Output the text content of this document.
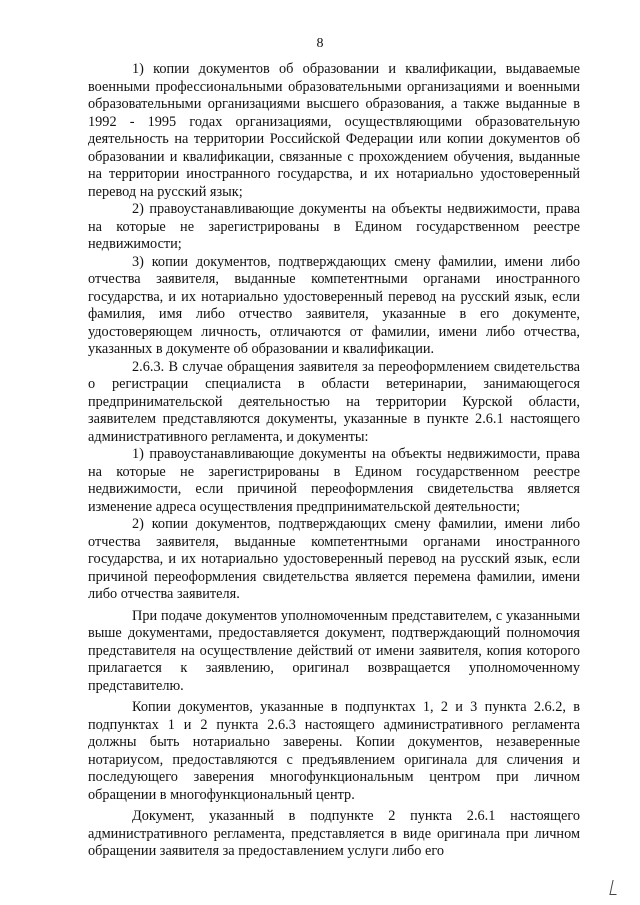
8

1) копии документов об образовании и квалификации, выдаваемые военными профессиональными образовательными организациями и военными образовательными организациями высшего образования, а также выданные в 1992 - 1995 годах организациями, осуществляющими образовательную деятельность на территории Российской Федерации или копии документов об образовании и квалификации, связанные с прохождением обучения, выданные на территории иностранного государства, и их нотариально удостоверенный перевод на русский язык;

2) правоустанавливающие документы на объекты недвижимости, права на которые не зарегистрированы в Едином государственном реестре недвижимости;

3) копии документов, подтверждающих смену фамилии, имени либо отчества заявителя, выданные компетентными органами иностранного государства, и их нотариально удостоверенный перевод на русский язык, если фамилия, имя либо отчество заявителя, указанные в его документе, удостоверяющем личность, отличаются от фамилии, имени либо отчества, указанных в документе об образовании и квалификации.

2.6.3. В случае обращения заявителя за переоформлением свидетельства о регистрации специалиста в области ветеринарии, занимающегося предпринимательской деятельностью на территории Курской области, заявителем представляются документы, указанные в пункте 2.6.1 настоящего административного регламента, и документы:

1) правоустанавливающие документы на объекты недвижимости, права на которые не зарегистрированы в Едином государственном реестре недвижимости, если причиной переоформления свидетельства является изменение адреса осуществления предпринимательской деятельности;

2) копии документов, подтверждающих смену фамилии, имени либо отчества заявителя, выданные компетентными органами иностранного государства, и их нотариально удостоверенный перевод на русский язык, если причиной переоформления свидетельства является перемена фамилии, имени либо отчества заявителя.

При подаче документов уполномоченным представителем, с указанными выше документами, предоставляется документ, подтверждающий полномочия представителя на осуществление действий от имени заявителя, копия которого прилагается к заявлению, оригинал возвращается уполномоченному представителю.

Копии документов, указанные в подпунктах 1, 2 и 3 пункта 2.6.2, в подпунктах 1 и 2 пункта 2.6.3 настоящего административного регламента должны быть нотариально заверены. Копии документов, незаверенные нотариусом, предоставляются с предъявлением оригинала для сличения и последующего заверения многофункциональным центром при личном обращении в многофункциональный центр.

Документ, указанный в подпункте 2 пункта 2.6.1 настоящего административного регламента, представляется в виде оригинала при личном обращении заявителя за предоставлением услуги либо его
